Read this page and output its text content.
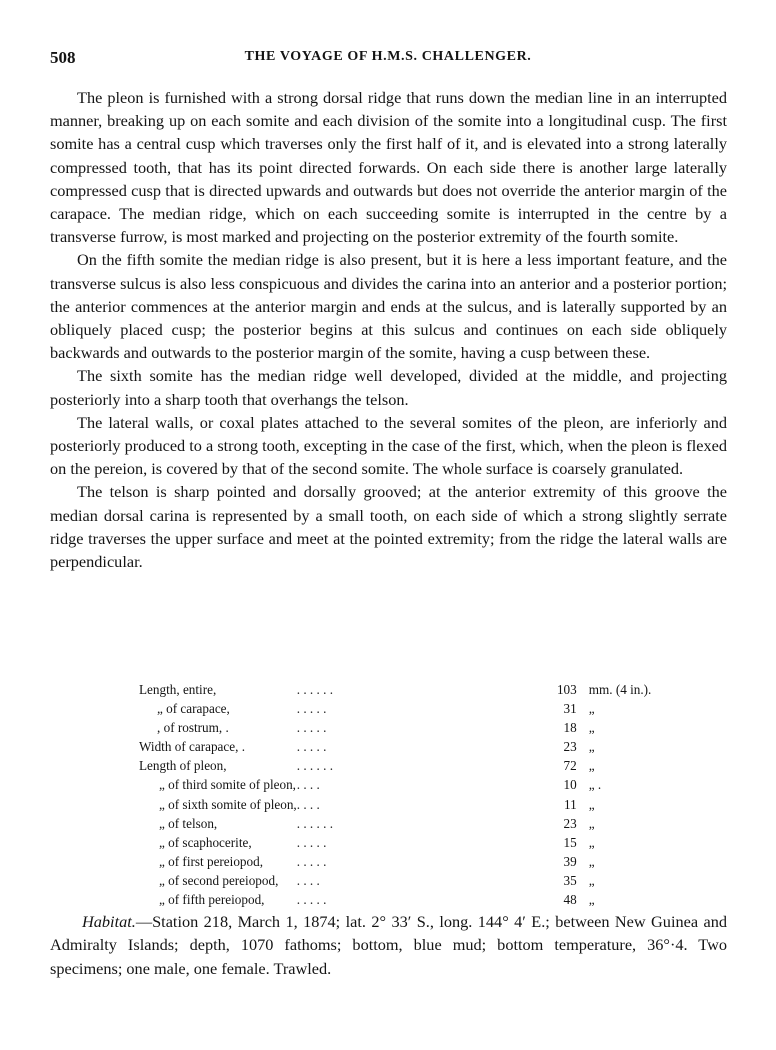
508	THE VOYAGE OF H.M.S. CHALLENGER.

The pleon is furnished with a strong dorsal ridge that runs down the median line in an interrupted manner, breaking up on each somite and each division of the somite into a longitudinal cusp. The first somite has a central cusp which traverses only the first half of it, and is elevated into a strong laterally compressed tooth, that has its point directed forwards. On each side there is another large laterally compressed cusp that is directed upwards and outwards but does not override the anterior margin of the carapace. The median ridge, which on each succeeding somite is interrupted in the centre by a transverse furrow, is most marked and projecting on the posterior extremity of the fourth somite.

On the fifth somite the median ridge is also present, but it is here a less important feature, and the transverse sulcus is also less conspicuous and divides the carina into an anterior and a posterior portion; the anterior commences at the anterior margin and ends at the sulcus, and is laterally supported by an obliquely placed cusp; the posterior begins at this sulcus and continues on each side obliquely backwards and outwards to the posterior margin of the somite, having a cusp between these.

The sixth somite has the median ridge well developed, divided at the middle, and projecting posteriorly into a sharp tooth that overhangs the telson.

The lateral walls, or coxal plates attached to the several somites of the pleon, are inferiorly and posteriorly produced to a strong tooth, excepting in the case of the first, which, when the pleon is flexed on the pereion, is covered by that of the second somite. The whole surface is coarsely granulated.

The telson is sharp pointed and dorsally grooved; at the anterior extremity of this groove the median dorsal carina is represented by a small tooth, on each side of which a strong slightly serrate ridge traverses the upper surface and meet at the pointed extremity; from the ridge the lateral walls are perpendicular.

Length, entire,	. . . . . .	103	mm. (4 in.).
„ of carapace,	. . . . .	31	„
, of rostrum, .	. . . . .	18	„
Width of carapace, .	. . . . .	23	„
Length of pleon,	. . . . . .	72	„
„ of third somite of pleon,	. . . .	10	„ .
„ of sixth somite of pleon,	. . . .	11	„
„ of telson,	. . . . . .	23	„
„ of scaphocerite,	. . . . .	15	„
„ of first pereiopod,	. . . . .	39	„
„ of second pereiopod,	. . . .	35	„
„ of fifth pereiopod,	. . . . .	48	„

Habitat.—Station 218, March 1, 1874; lat. 2° 33′ S., long. 144° 4′ E.; between New Guinea and Admiralty Islands; depth, 1070 fathoms; bottom, blue mud; bottom temperature, 36°·4. Two specimens; one male, one female. Trawled.
